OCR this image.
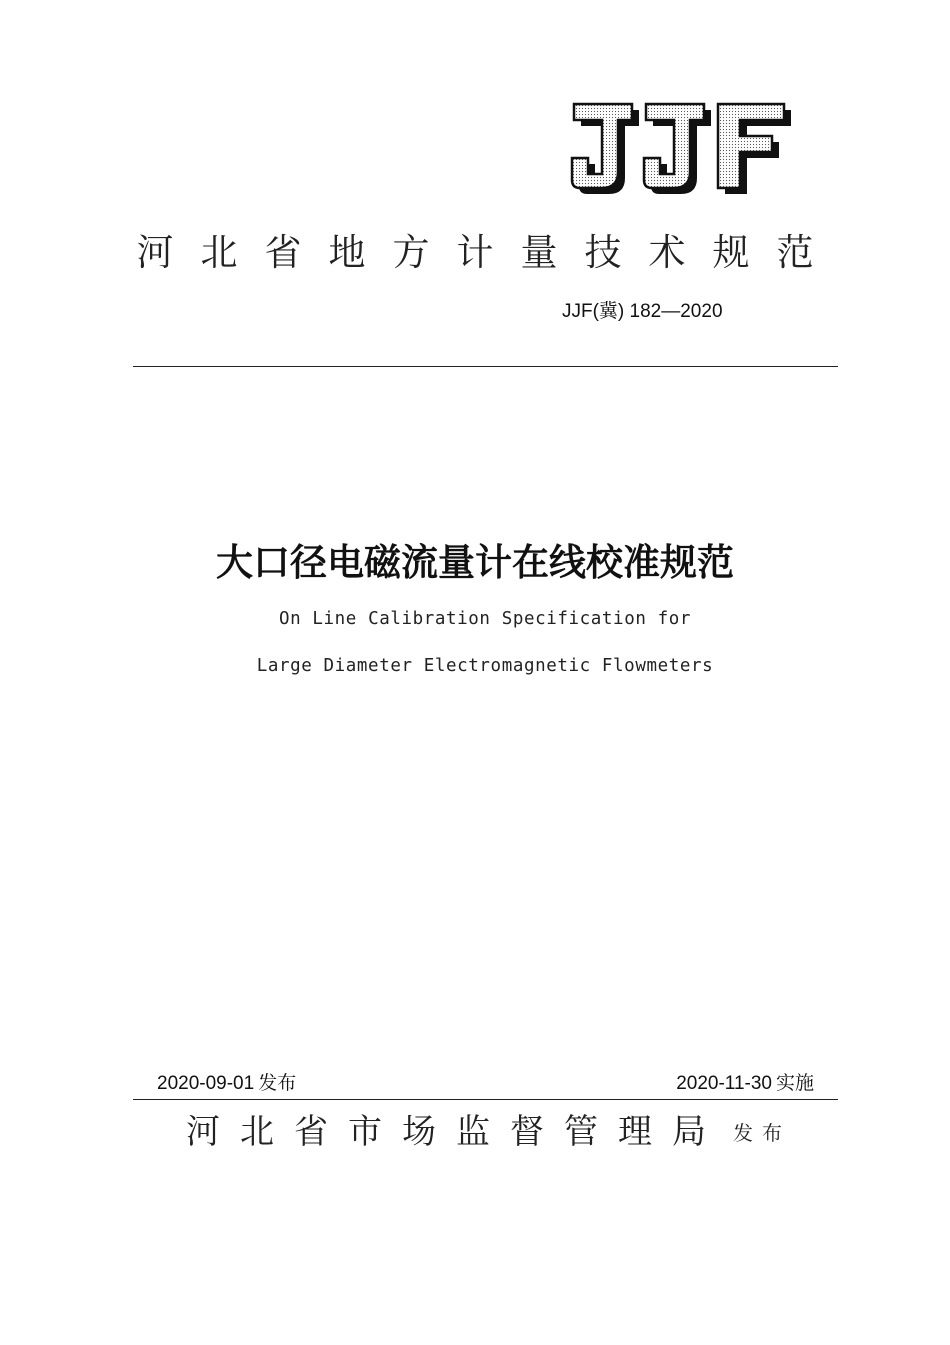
河北省地方计量技术规范
JJF(冀) 182—2020
大口径电磁流量计在线校准规范
On Line Calibration Specification for
Large Diameter Electromagnetic Flowmeters
2020-09-01 发布	2020-11-30 实施
河北省市场监督管理局 发布
